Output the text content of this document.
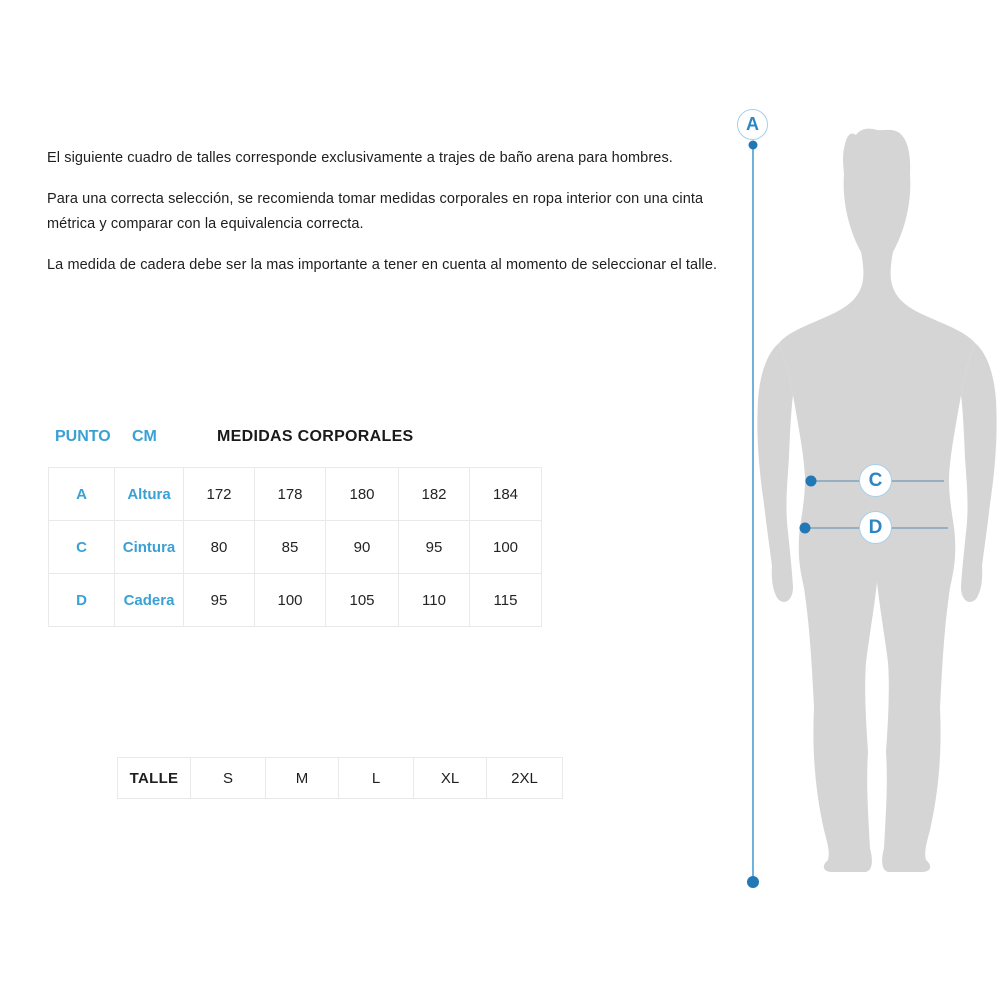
El siguiente cuadro de talles corresponde exclusivamente a trajes de baño arena para hombres.

Para una correcta selección, se recomienda tomar medidas corporales en ropa interior con una cinta métrica y comparar con la equivalencia correcta.

La medida de cadera debe ser la mas importante a tener en cuenta al momento de seleccionar el talle.

PUNTO CM	MEDIDAS CORPORALES
A	Altura	172	178	180	182	184
C	Cintura	80	85	90	95	100
D	Cadera	95	100	105	110	115
TALLE	S	M	L	XL	2XL
A
C
D
